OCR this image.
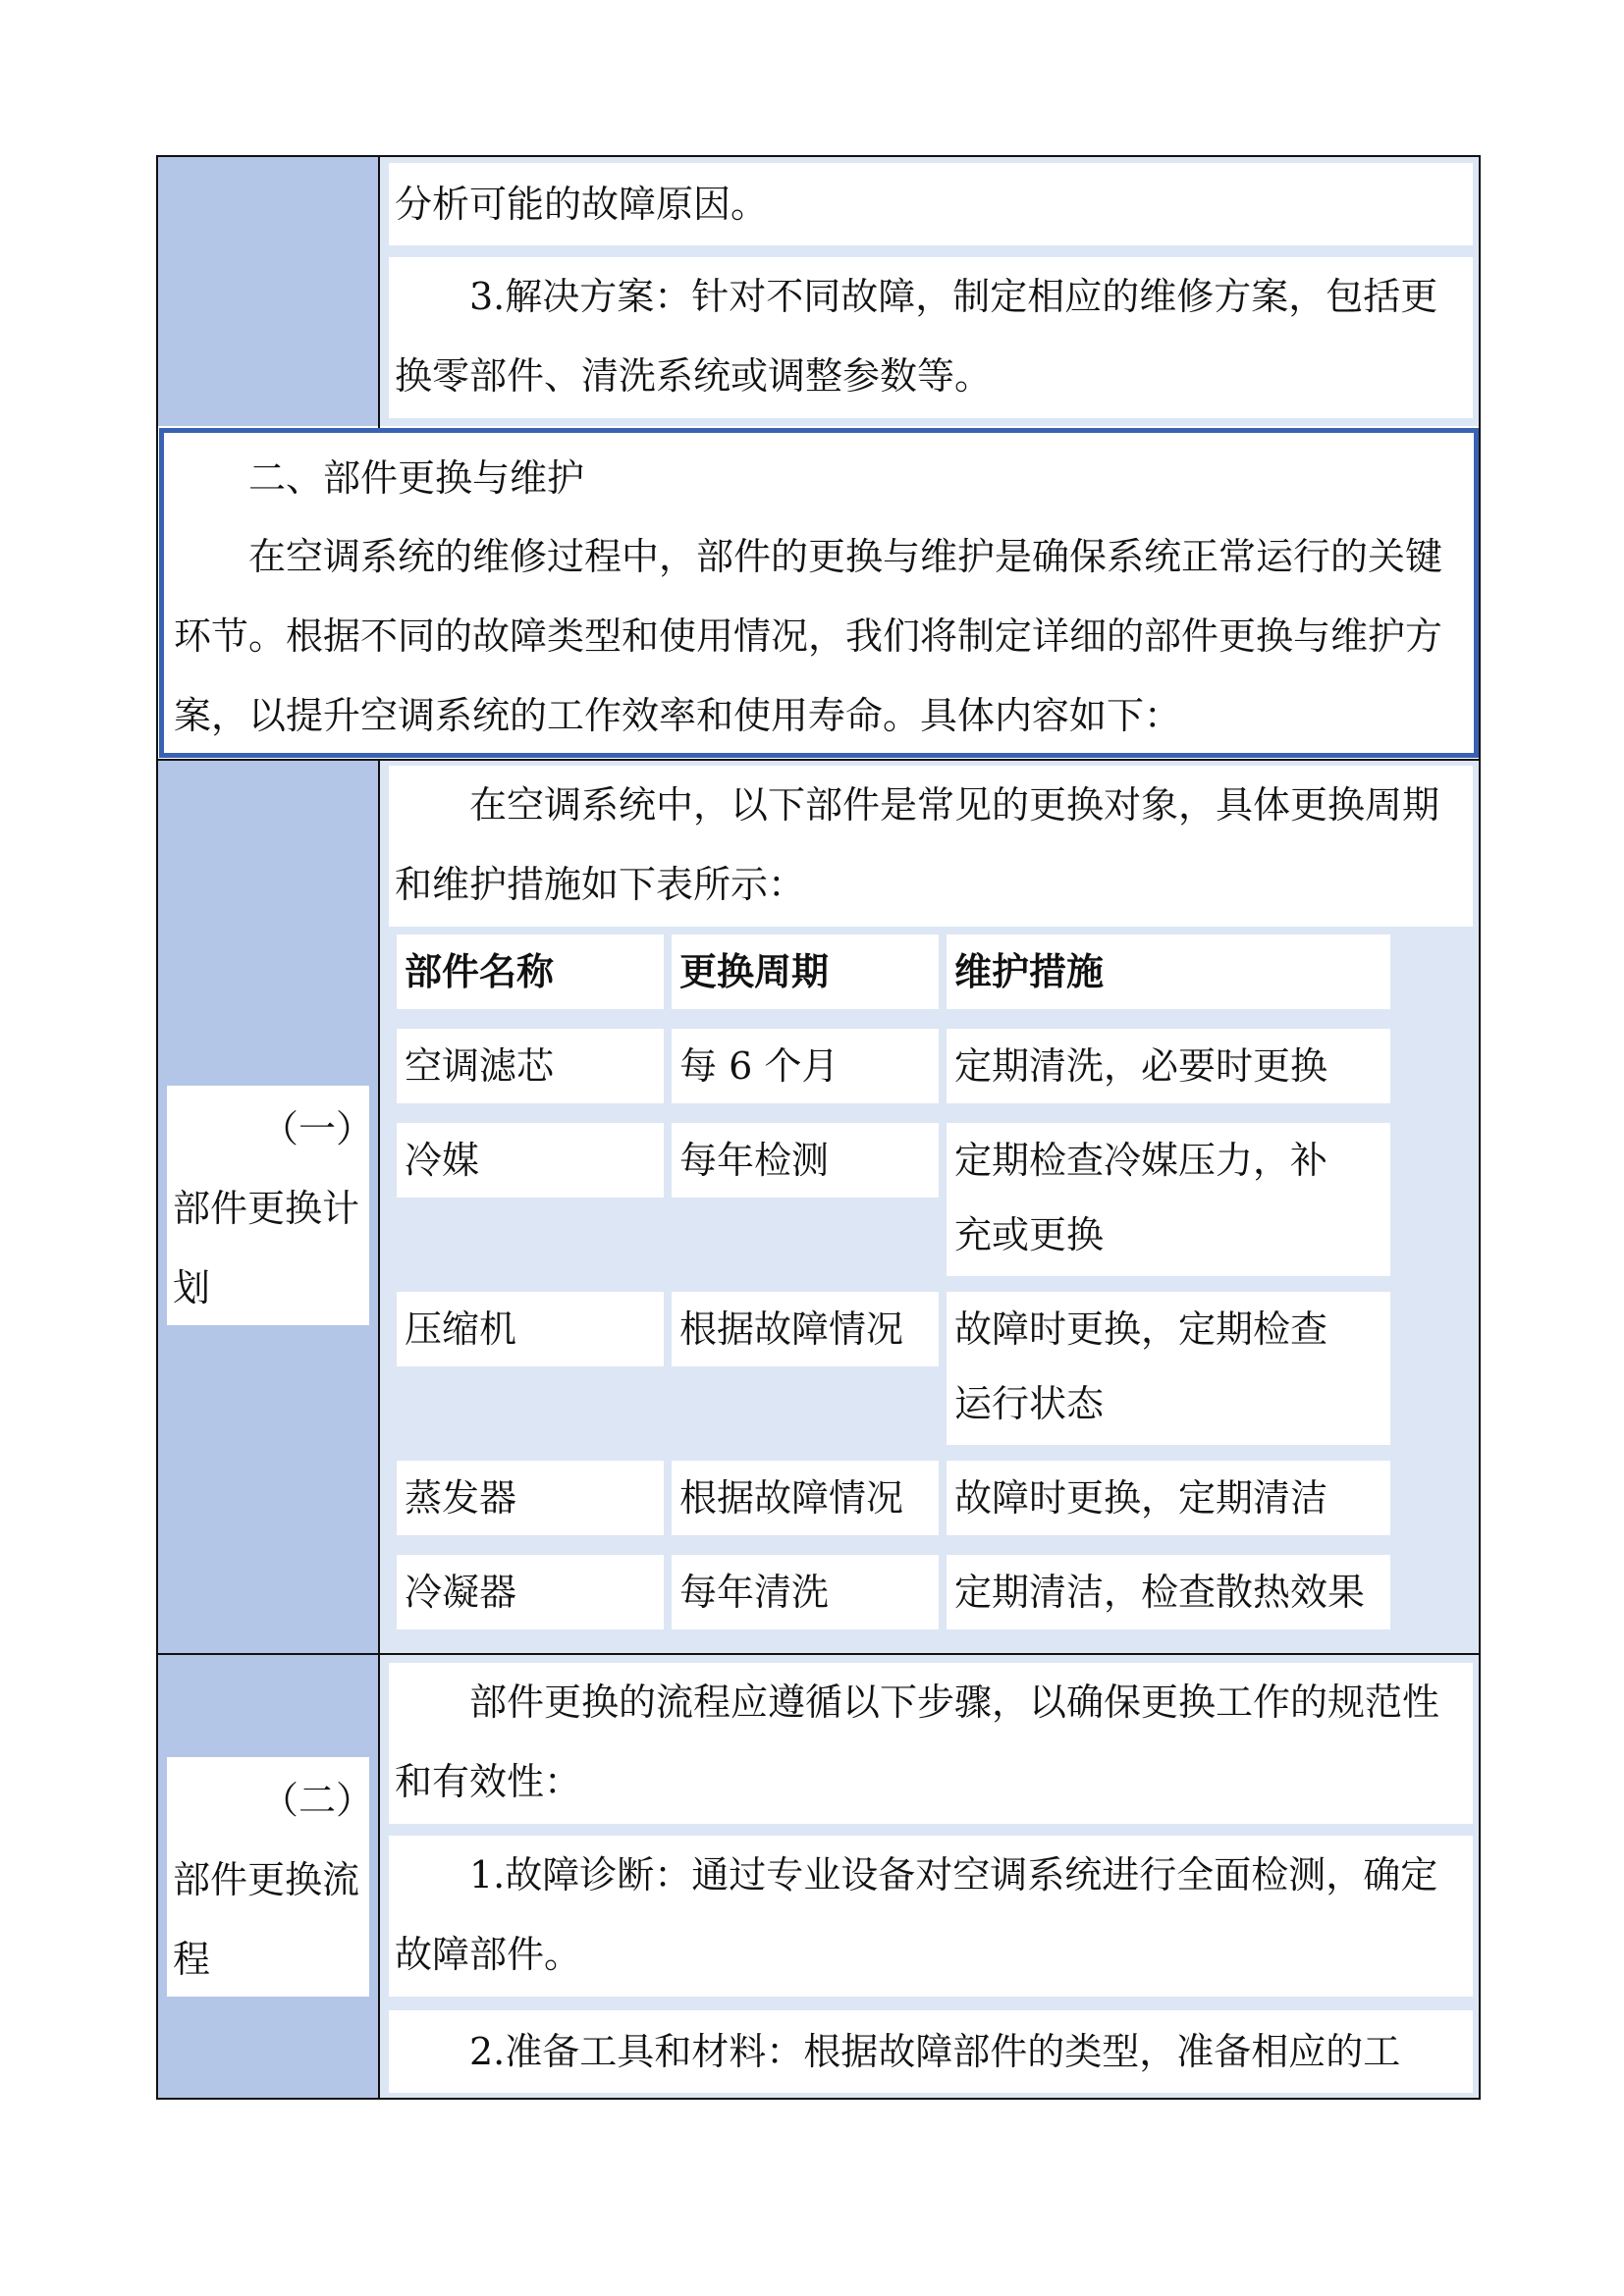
分析可能的故障原因。

3.解决方案：针对不同故障，制定相应的维修方案，包括更换零部件、清洗系统或调整参数等。

二、部件更换与维护

在空调系统的维修过程中，部件的更换与维护是确保系统正常运行的关键环节。根据不同的故障类型和使用情况，我们将制定详细的部件更换与维护方案，以提升空调系统的工作效率和使用寿命。具体内容如下：

（一）部件更换计划

在空调系统中，以下部件是常见的更换对象，具体更换周期和维护措施如下表所示：

部件名称	更换周期	维护措施
空调滤芯	每 6 个月	定期清洗，必要时更换
冷媒	每年检测	定期检查冷媒压力，补充或更换
压缩机	根据故障情况	故障时更换，定期检查运行状态
蒸发器	根据故障情况	故障时更换，定期清洁
冷凝器	每年清洗	定期清洁，检查散热效果

（二）部件更换流程

部件更换的流程应遵循以下步骤，以确保更换工作的规范性和有效性：

1.故障诊断：通过专业设备对空调系统进行全面检测，确定故障部件。

2.准备工具和材料：根据故障部件的类型，准备相应的工
